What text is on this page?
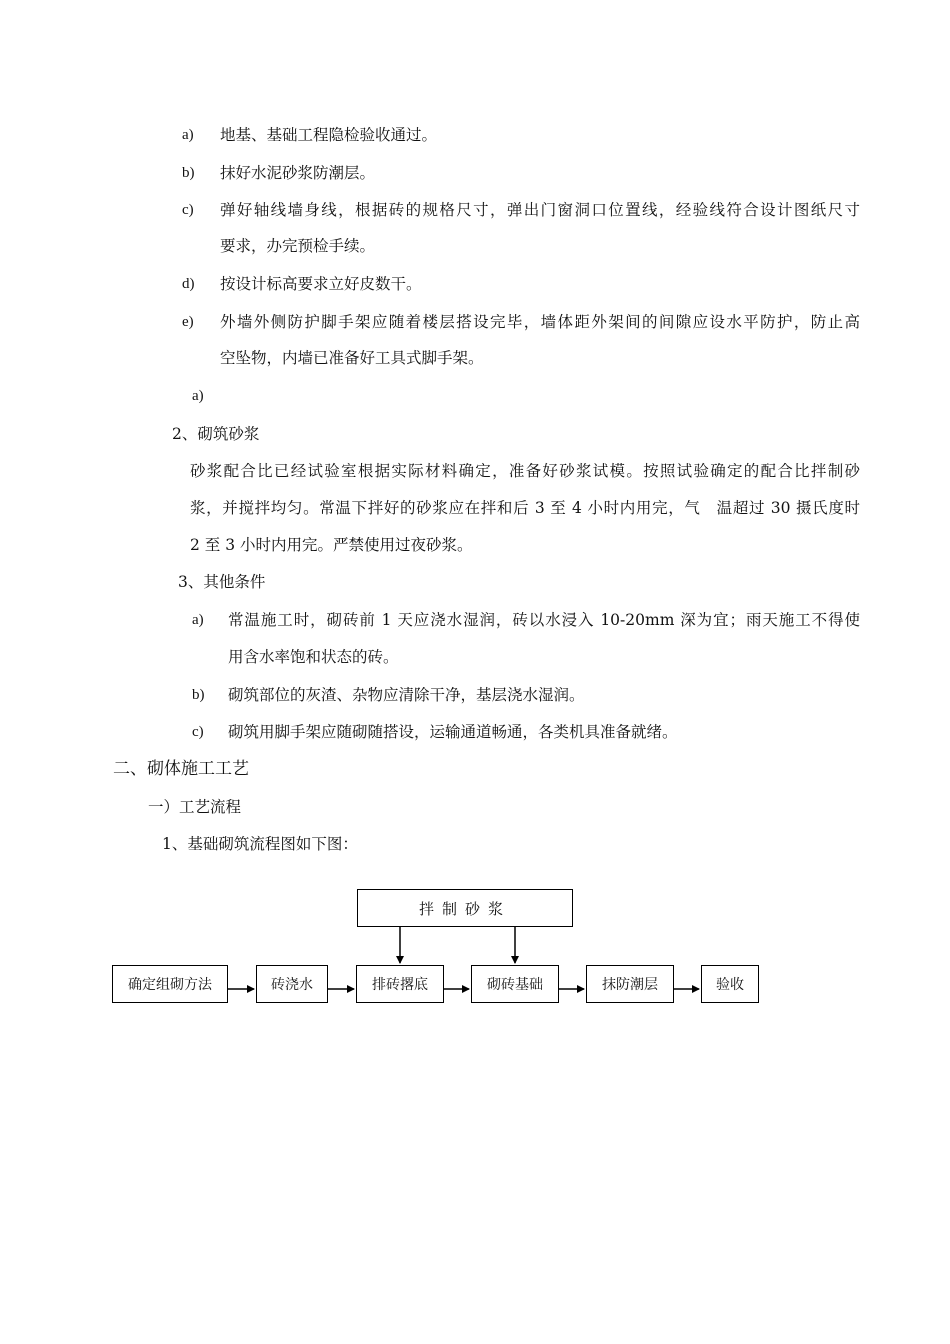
a) 地基、基础工程隐检验收通过。
b) 抹好水泥砂浆防潮层。
c) 弹好轴线墙身线，根据砖的规格尺寸，弹出门窗洞口位置线，经验线符合设计图纸尺寸
要求，办完预检手续。
d) 按设计标高要求立好皮数干。
e) 外墙外侧防护脚手架应随着楼层搭设完毕，墙体距外架间的间隙应设水平防护，防止高
空坠物，内墙已准备好工具式脚手架。
a)
2、砌筑砂浆
砂浆配合比已经试验室根据实际材料确定，准备好砂浆试模。按照试验确定的配合比拌制砂
浆，并搅拌均匀。常温下拌好的砂浆应在拌和后 3 至 4 小时内用完，气　温超过 30 摄氏度时
2 至 3 小时内用完。严禁使用过夜砂浆。
3、其他条件
a) 常温施工时，砌砖前 1 天应浇水湿润，砖以水浸入 10-20mm 深为宜；雨天施工不得使
用含水率饱和状态的砖。
b) 砌筑部位的灰渣、杂物应清除干净，基层浇水湿润。
c) 砌筑用脚手架应随砌随搭设，运输通道畅通，各类机具准备就绪。
二、砌体施工工艺
一）工艺流程
1、基础砌筑流程图如下图：
拌制砂浆
确定组砌方法	砖浇水	排砖撂底	砌砖基础	抹防潮层	验收
